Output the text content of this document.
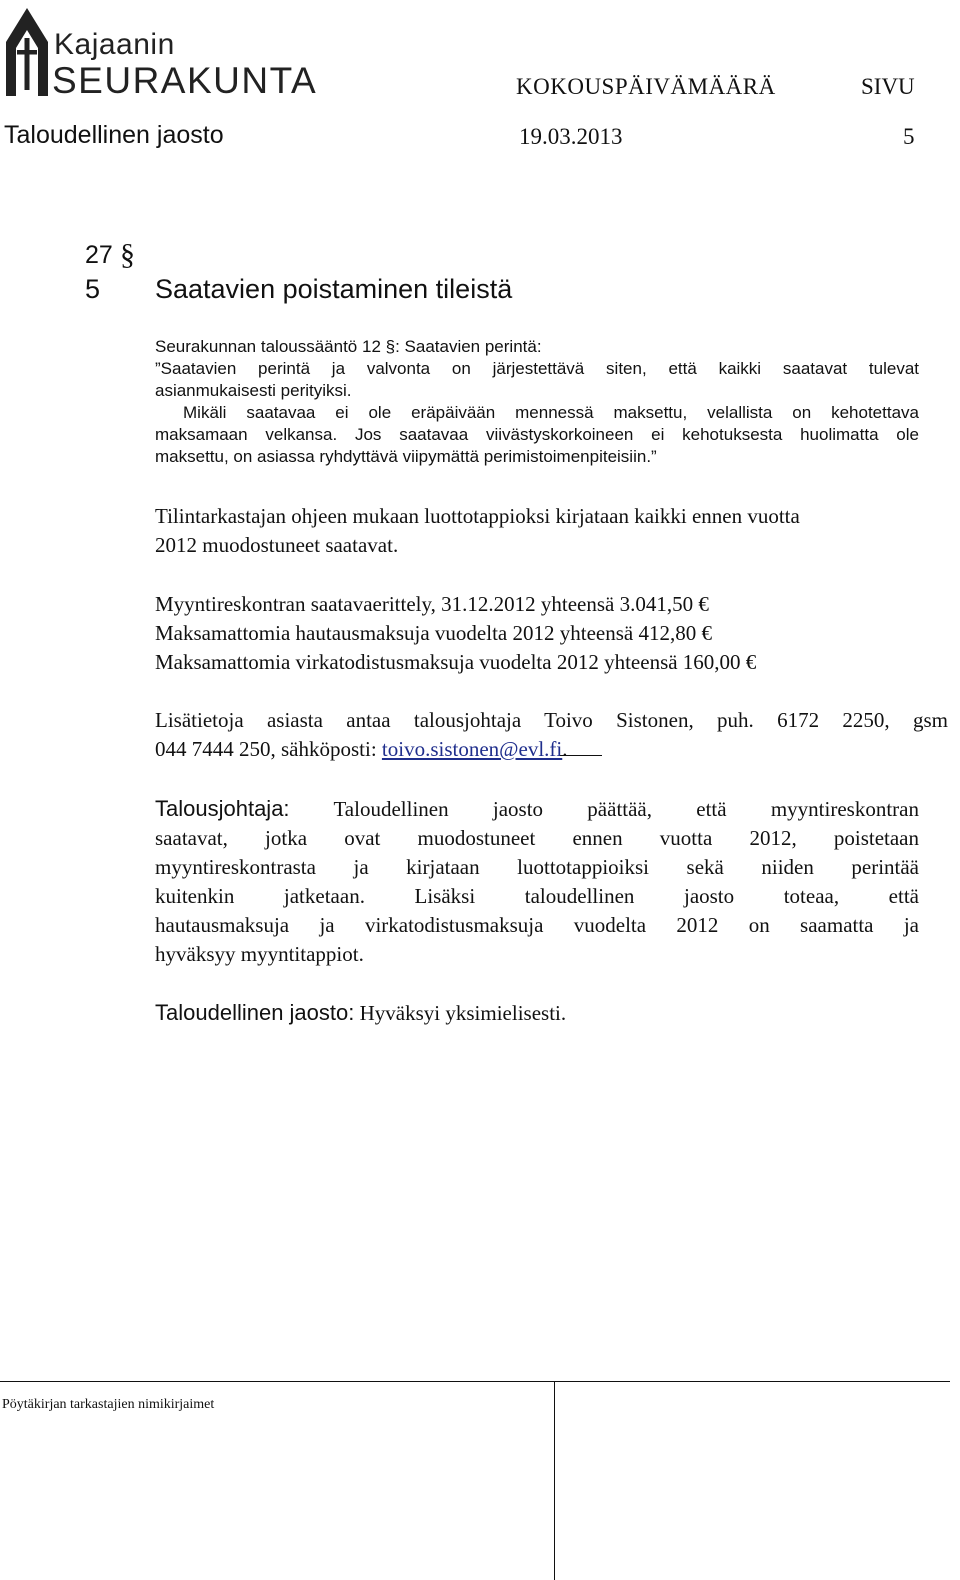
Kajaanin
SEURAKUNTA	KOKOUSPÄIVÄMÄÄRÄ	SIVU
Taloudellinen jaosto	19.03.2013	5
27 §
5 Saatavien poistaminen tileistä
Seurakunnan taloussääntö 12 §: Saatavien perintä:
”Saatavien perintä ja valvonta on järjestettävä siten, että kaikki saatavat tulevat
asianmukaisesti perityiksi.
Mikäli saatavaa ei ole eräpäivään mennessä maksettu, velallista on kehotettava
maksamaan velkansa. Jos saatavaa viivästyskorkoineen ei kehotuksesta huolimatta ole
maksettu, on asiassa ryhdyttävä viipymättä perimistoimenpiteisiin.”
Tilintarkastajan ohjeen mukaan luottotappioksi kirjataan kaikki ennen vuotta
2012 muodostuneet saatavat.
Myyntireskontran saatavaerittely, 31.12.2012 yhteensä 3.041,50 €
Maksamattomia hautausmaksuja vuodelta 2012 yhteensä 412,80 €
Maksamattomia virkatodistusmaksuja vuodelta 2012 yhteensä 160,00 €
Lisätietoja asiasta antaa talousjohtaja Toivo Sistonen, puh. 6172 2250, gsm
044 7444 250, sähköposti: toivo.sistonen@evl.fi.
Talousjohtaja: Taloudellinen jaosto päättää, että myyntireskontran
saatavat, jotka ovat muodostuneet ennen vuotta 2012, poistetaan
myyntireskontrasta ja kirjataan luottotappioiksi sekä niiden perintää
kuitenkin jatketaan. Lisäksi taloudellinen jaosto toteaa, että
hautausmaksuja ja virkatodistusmaksuja vuodelta 2012 on saamatta ja
hyväksyy myyntitappiot.
Taloudellinen jaosto: Hyväksyi yksimielisesti.
Pöytäkirjan tarkastajien nimikirjaimet
